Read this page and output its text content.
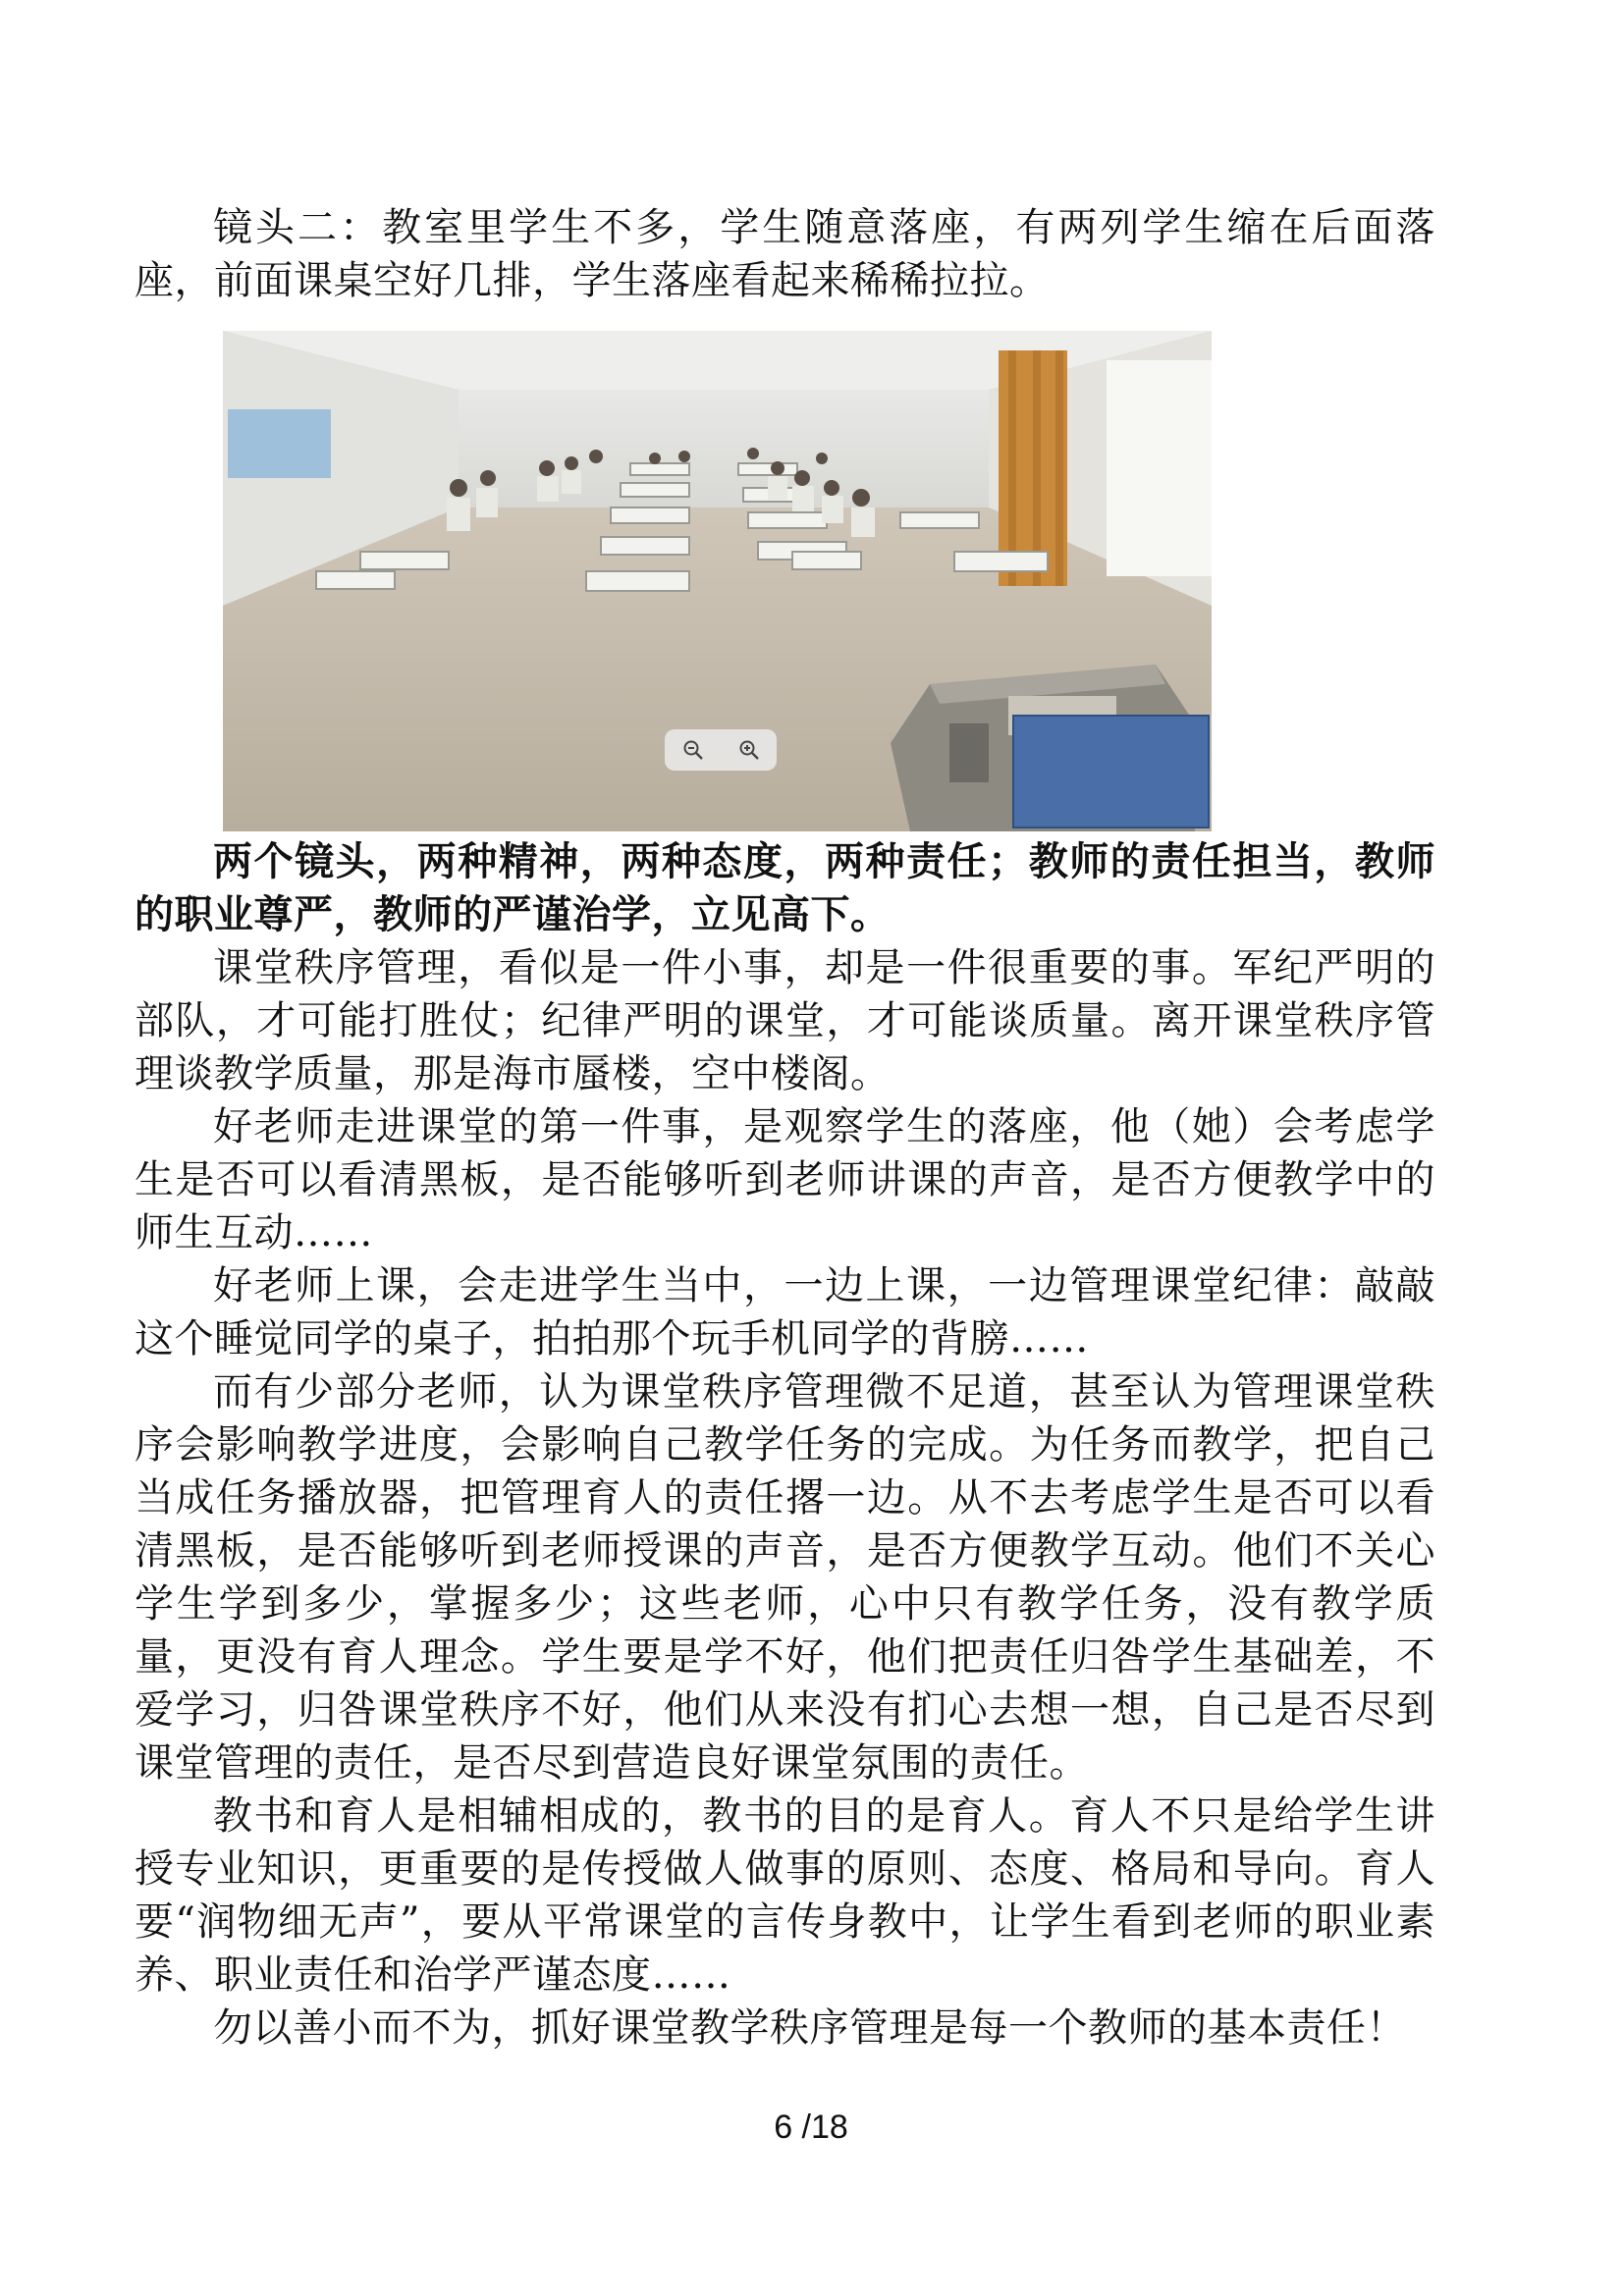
镜头二：教室里学生不多，学生随意落座，有两列学生缩在后面落座，前面课桌空好几排，学生落座看起来稀稀拉拉。

两个镜头，两种精神，两种态度，两种责任；教师的责任担当，教师的职业尊严，教师的严谨治学，立见高下。

课堂秩序管理，看似是一件小事，却是一件很重要的事。军纪严明的部队，才可能打胜仗；纪律严明的课堂，才可能谈质量。离开课堂秩序管理谈教学质量，那是海市蜃楼，空中楼阁。

好老师走进课堂的第一件事，是观察学生的落座，他（她）会考虑学生是否可以看清黑板，是否能够听到老师讲课的声音，是否方便教学中的师生互动……

好老师上课，会走进学生当中，一边上课，一边管理课堂纪律：敲敲这个睡觉同学的桌子，拍拍那个玩手机同学的背膀……

而有少部分老师，认为课堂秩序管理微不足道，甚至认为管理课堂秩序会影响教学进度，会影响自己教学任务的完成。为任务而教学，把自己当成任务播放器，把管理育人的责任撂一边。从不去考虑学生是否可以看清黑板，是否能够听到老师授课的声音，是否方便教学互动。他们不关心学生学到多少，掌握多少；这些老师，心中只有教学任务，没有教学质量，更没有育人理念。学生要是学不好，他们把责任归咎学生基础差，不爱学习，归咎课堂秩序不好，他们从来没有扪心去想一想，自己是否尽到课堂管理的责任，是否尽到营造良好课堂氛围的责任。

教书和育人是相辅相成的，教书的目的是育人。育人不只是给学生讲授专业知识，更重要的是传授做人做事的原则、态度、格局和导向。育人要“润物细无声”，要从平常课堂的言传身教中，让学生看到老师的职业素养、职业责任和治学严谨态度……

勿以善小而不为，抓好课堂教学秩序管理是每一个教师的基本责任！

6 /18
